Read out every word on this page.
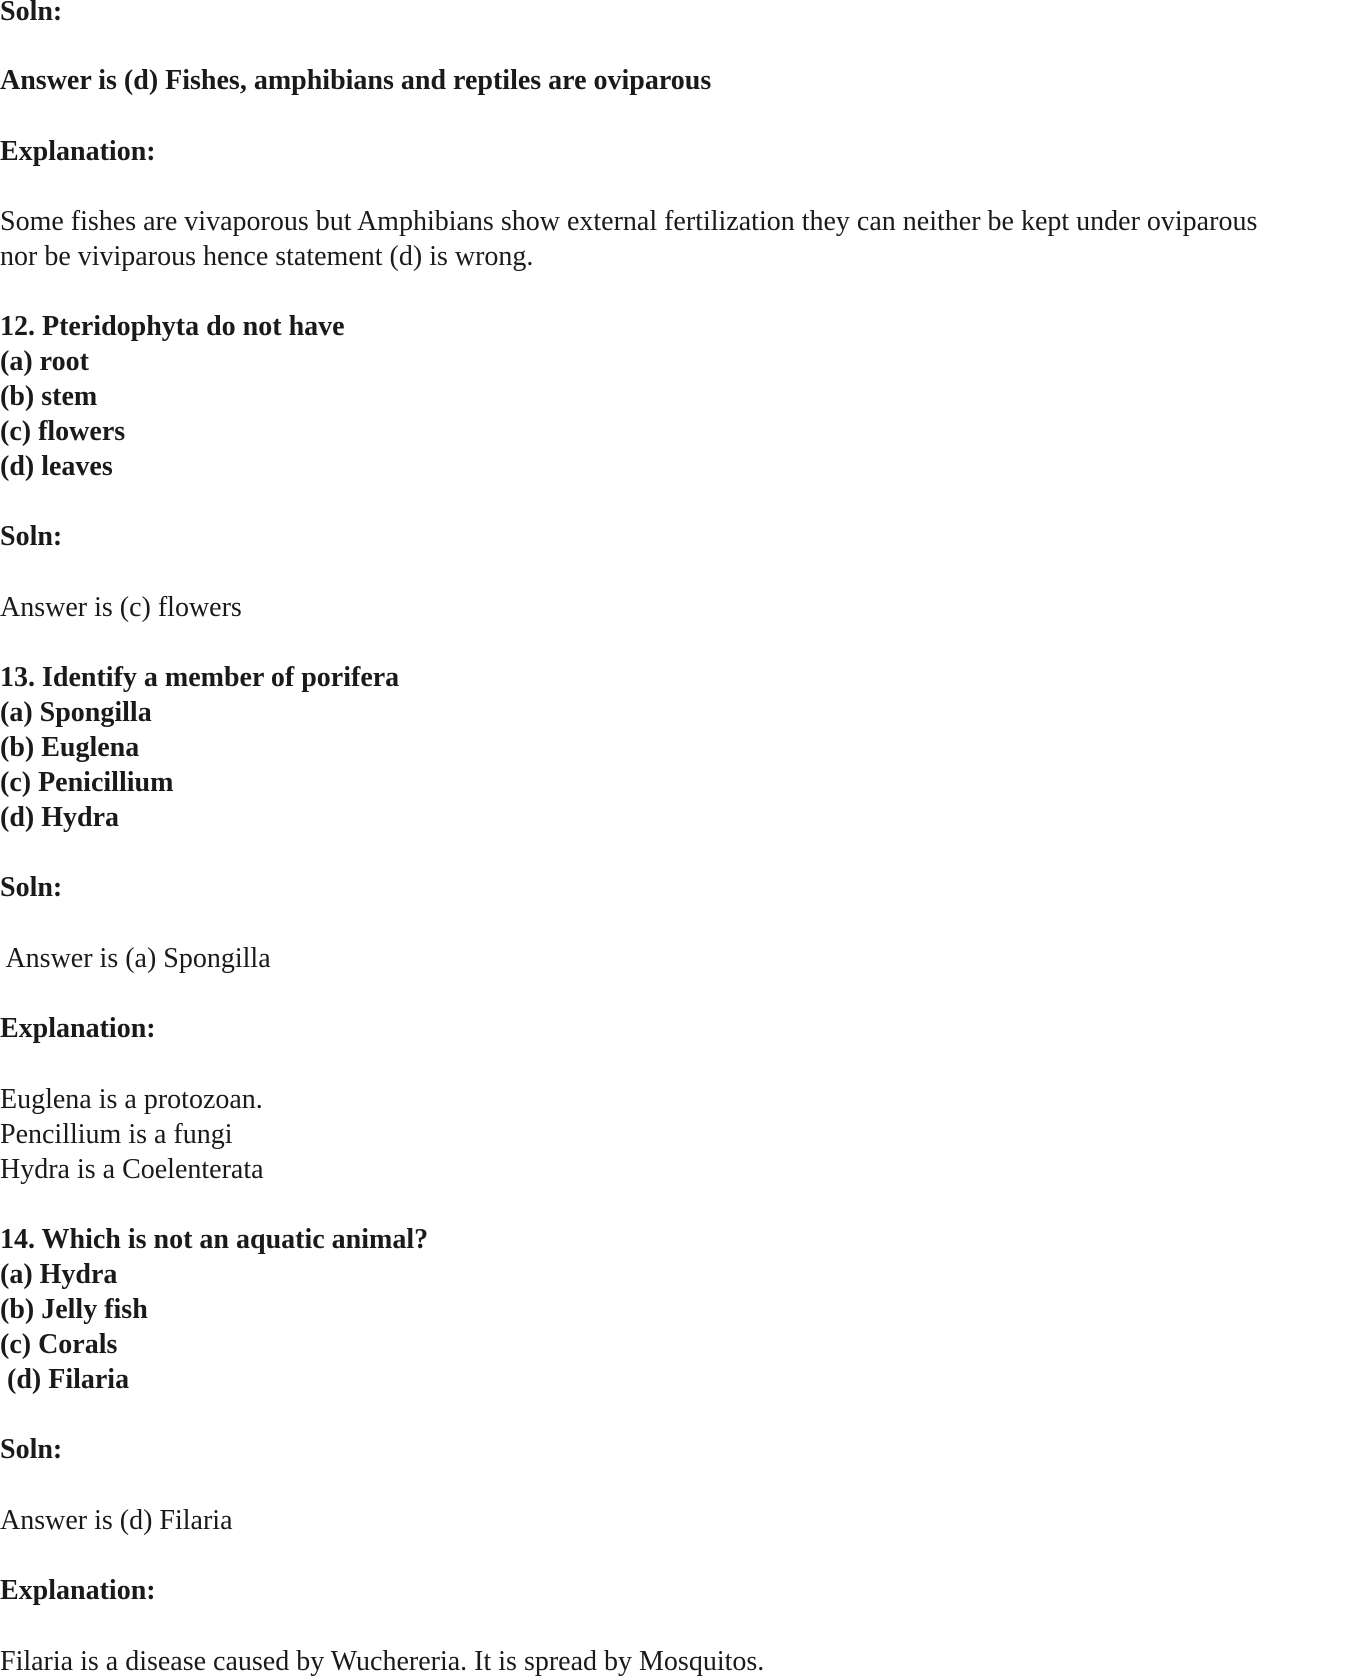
Soln:
Answer is (d) Fishes, amphibians and reptiles are oviparous
Explanation:
Some fishes are vivaporous but Amphibians show external fertilization they can neither be kept under oviparous
nor be viviparous hence statement (d) is wrong.
12. Pteridophyta do not have
(a) root
(b) stem
(c) flowers
(d) leaves
Soln:
Answer is (c) flowers
13. Identify a member of porifera
(a) Spongilla
(b) Euglena
(c) Penicillium
(d) Hydra
Soln:
Answer is (a) Spongilla
Explanation:
Euglena is a protozoan.
Pencillium is a fungi
Hydra is a Coelenterata
14. Which is not an aquatic animal?
(a) Hydra
(b) Jelly fish
(c) Corals
(d) Filaria
Soln:
Answer is (d) Filaria
Explanation:
Filaria is a disease caused by Wuchereria. It is spread by Mosquitos.
